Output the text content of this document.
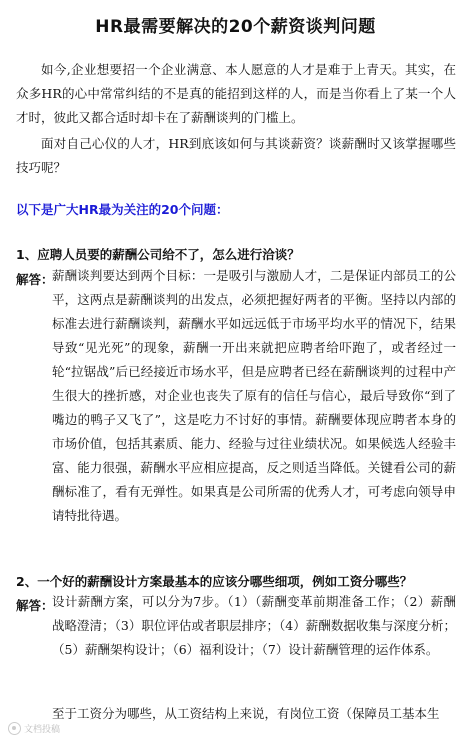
HR最需要解决的20个薪资谈判问题

如今,企业想要招一个企业满意、本人愿意的人才是难于上青天。其实，在众多HR的心中常常纠结的不是真的能招到这样的人，而是当你看上了某一个人才时，彼此又都合适时却卡在了薪酬谈判的门槛上。

面对自己心仪的人才，HR到底该如何与其谈薪资？谈薪酬时又该掌握哪些技巧呢？

以下是广大HR最为关注的20个问题：
1、应聘人员要的薪酬公司给不了，怎么进行洽谈？
解答：

薪酬谈判要达到两个目标：一是吸引与激励人才，二是保证内部员工的公平，这两点是薪酬谈判的出发点，必须把握好两者的平衡。坚持以内部的标准去进行薪酬谈判，薪酬水平如远远低于市场平均水平的情况下，结果导致“见光死”的现象，薪酬一开出来就把应聘者给吓跑了，或者经过一轮“拉锯战”后已经接近市场水平，但是应聘者已经在薪酬谈判的过程中产生很大的挫折感，对企业也丧失了原有的信任与信心，最后导致你“到了嘴边的鸭子又飞了”，这是吃力不讨好的事情。薪酬要体现应聘者本身的市场价值，包括其素质、能力、经验与过往业绩状况。如果候选人经验丰富、能力很强，薪酬水平应相应提高，反之则适当降低。关键看公司的薪酬标准了，看有无弹性。如果真是公司所需的优秀人才，可考虑向领导申请特批待遇。

2、一个好的薪酬设计方案最基本的应该分哪些细项，例如工资分哪些？
解答：

设计薪酬方案，可以分为7步。（1）（薪酬变革前期准备工作；（2）薪酬战略澄清；（3）职位评估或者职层排序；（4）薪酬数据收集与深度分析；（5）薪酬架构设计；（6）福利设计；（7）设计薪酬管理的运作体系。

至于工资分为哪些，从工资结构上来说，有岗位工资（保障员工基本生

文档投稿
